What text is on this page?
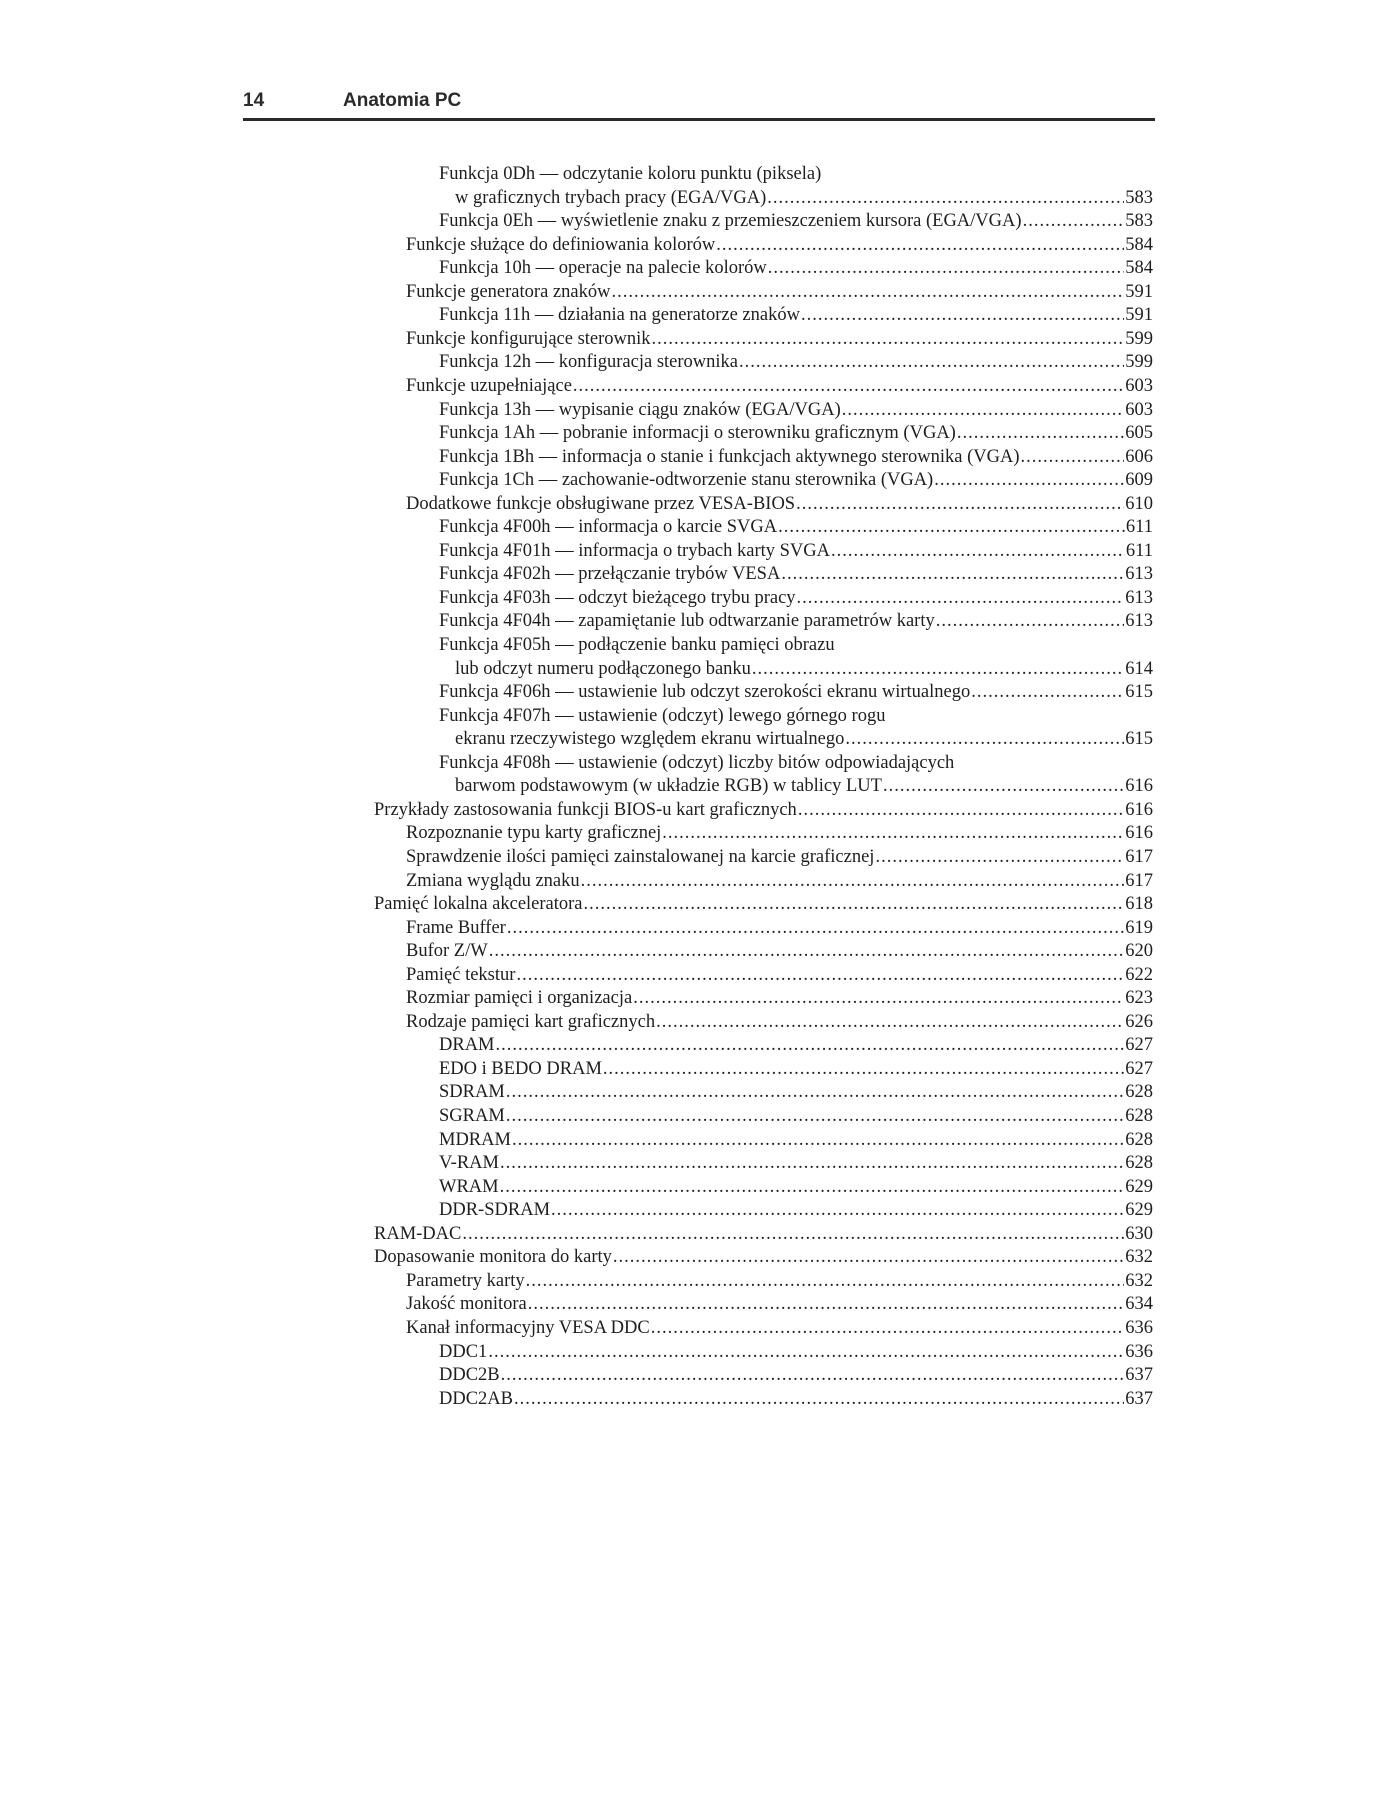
14	Anatomia PC
Funkcja 0Dh — odczytanie koloru punktu (piksela)
w graficznych trybach pracy (EGA/VGA) .....	583
Funkcja 0Eh — wyświetlenie znaku z przemieszczeniem kursora (EGA/VGA) .....	583
Funkcje służące do definiowania kolorów .....	584
Funkcja 10h — operacje na palecie kolorów .....	584
Funkcje generatora znaków .....	591
Funkcja 11h — działania na generatorze znaków .....	591
Funkcje konfigurujące sterownik .....	599
Funkcja 12h — konfiguracja sterownika .....	599
Funkcje uzupełniające .....	603
Funkcja 13h — wypisanie ciągu znaków (EGA/VGA) .....	603
Funkcja 1Ah — pobranie informacji o sterowniku graficznym (VGA) .....	605
Funkcja 1Bh — informacja o stanie i funkcjach aktywnego sterownika (VGA) .....	606
Funkcja 1Ch — zachowanie-odtworzenie stanu sterownika (VGA) .....	609
Dodatkowe funkcje obsługiwane przez VESA-BIOS .....	610
Funkcja 4F00h — informacja o karcie SVGA .....	611
Funkcja 4F01h — informacja o trybach karty SVGA .....	611
Funkcja 4F02h — przełączanie trybów VESA .....	613
Funkcja 4F03h — odczyt bieżącego trybu pracy .....	613
Funkcja 4F04h — zapamiętanie lub odtwarzanie parametrów karty .....	613
Funkcja 4F05h — podłączenie banku pamięci obrazu
lub odczyt numeru podłączonego banku .....	614
Funkcja 4F06h — ustawienie lub odczyt szerokości ekranu wirtualnego .....	615
Funkcja 4F07h — ustawienie (odczyt) lewego górnego rogu
ekranu rzeczywistego względem ekranu wirtualnego .....	615
Funkcja 4F08h — ustawienie (odczyt) liczby bitów odpowiadających
barwom podstawowym (w układzie RGB) w tablicy LUT .....	616
Przykłady zastosowania funkcji BIOS-u kart graficznych .....	616
Rozpoznanie typu karty graficznej .....	616
Sprawdzenie ilości pamięci zainstalowanej na karcie graficznej .....	617
Zmiana wyglądu znaku .....	617
Pamięć lokalna akceleratora .....	618
Frame Buffer .....	619
Bufor Z/W .....	620
Pamięć tekstur .....	622
Rozmiar pamięci i organizacja .....	623
Rodzaje pamięci kart graficznych .....	626
DRAM .....	627
EDO i BEDO DRAM .....	627
SDRAM .....	628
SGRAM .....	628
MDRAM .....	628
V-RAM .....	628
WRAM .....	629
DDR-SDRAM .....	629
RAM-DAC .....	630
Dopasowanie monitora do karty .....	632
Parametry karty .....	632
Jakość monitora .....	634
Kanał informacyjny VESA DDC .....	636
DDC1 .....	636
DDC2B .....	637
DDC2AB .....	637
